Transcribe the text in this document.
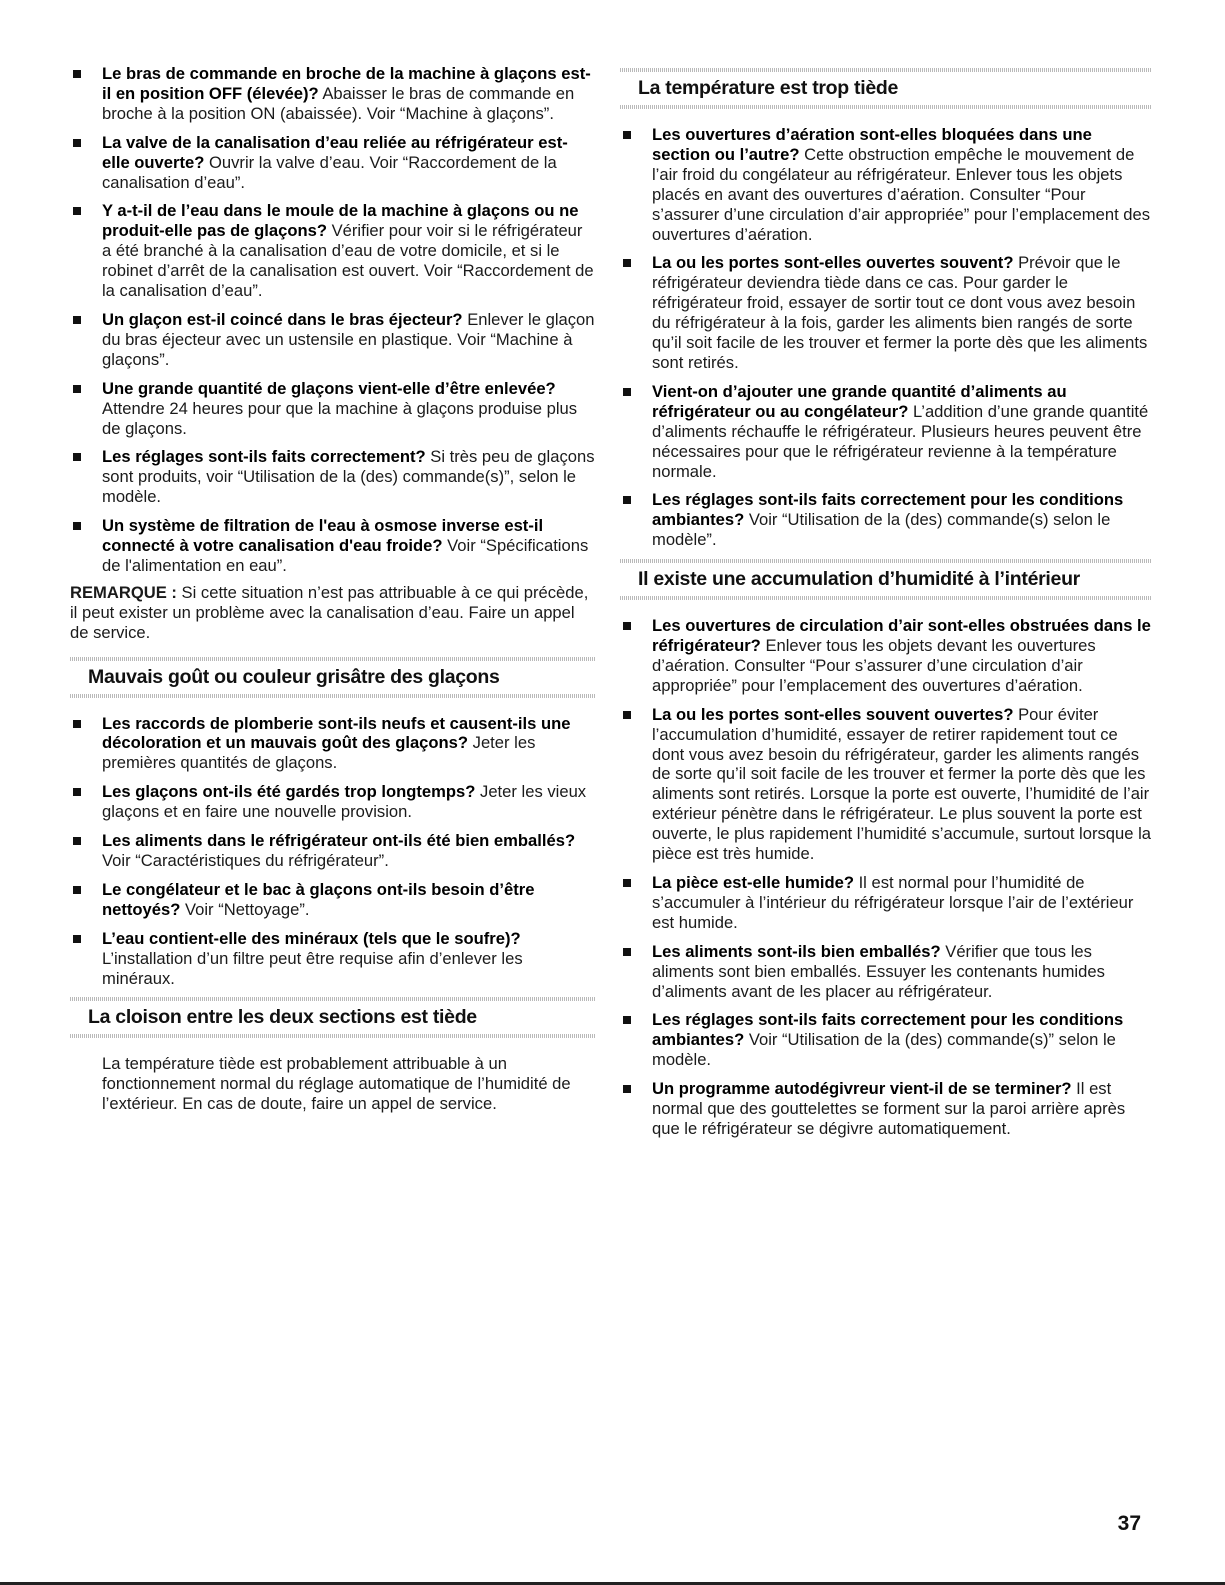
Le bras de commande en broche de la machine à glaçons est-il en position OFF (élevée)? Abaisser le bras de commande en broche à la position ON (abaissée). Voir “Machine à glaçons”.
La valve de la canalisation d’eau reliée au réfrigérateur est-elle ouverte? Ouvrir la valve d’eau. Voir “Raccordement de la canalisation d’eau”.
Y a-t-il de l’eau dans le moule de la machine à glaçons ou ne produit-elle pas de glaçons? Vérifier pour voir si le réfrigérateur a été branché à la canalisation d’eau de votre domicile, et si le robinet d’arrêt de la canalisation est ouvert. Voir “Raccordement de la canalisation d’eau”.
Un glaçon est-il coincé dans le bras éjecteur? Enlever le glaçon du bras éjecteur avec un ustensile en plastique. Voir “Machine à glaçons”.
Une grande quantité de glaçons vient-elle d’être enlevée? Attendre 24 heures pour que la machine à glaçons produise plus de glaçons.
Les réglages sont-ils faits correctement? Si très peu de glaçons sont produits, voir “Utilisation de la (des) commande(s)”, selon le modèle.
Un système de filtration de l'eau à osmose inverse est-il connecté à votre canalisation d'eau froide? Voir “Spécifications de l'alimentation en eau”.

REMARQUE : Si cette situation n’est pas attribuable à ce qui précède, il peut exister un problème avec la canalisation d’eau. Faire un appel de service.

Mauvais goût ou couleur grisâtre des glaçons
Les raccords de plomberie sont-ils neufs et causent-ils une décoloration et un mauvais goût des glaçons? Jeter les premières quantités de glaçons.
Les glaçons ont-ils été gardés trop longtemps? Jeter les vieux glaçons et en faire une nouvelle provision.
Les aliments dans le réfrigérateur ont-ils été bien emballés? Voir “Caractéristiques du réfrigérateur”.
Le congélateur et le bac à glaçons ont-ils besoin d’être nettoyés? Voir “Nettoyage”.
L’eau contient-elle des minéraux (tels que le soufre)? L’installation d’un filtre peut être requise afin d’enlever les minéraux.
La cloison entre les deux sections est tiède

La température tiède est probablement attribuable à un fonctionnement normal du réglage automatique de l’humidité de l’extérieur. En cas de doute, faire un appel de service.

La température est trop tiède
Les ouvertures d’aération sont-elles bloquées dans une section ou l’autre? Cette obstruction empêche le mouvement de l’air froid du congélateur au réfrigérateur. Enlever tous les objets placés en avant des ouvertures d’aération. Consulter “Pour s’assurer d’une circulation d’air appropriée” pour l’emplacement des ouvertures d’aération.
La ou les portes sont-elles ouvertes souvent? Prévoir que le réfrigérateur deviendra tiède dans ce cas. Pour garder le réfrigérateur froid, essayer de sortir tout ce dont vous avez besoin du réfrigérateur à la fois, garder les aliments bien rangés de sorte qu’il soit facile de les trouver et fermer la porte dès que les aliments sont retirés.
Vient-on d’ajouter une grande quantité d’aliments au réfrigérateur ou au congélateur? L’addition d’une grande quantité d’aliments réchauffe le réfrigérateur. Plusieurs heures peuvent être nécessaires pour que le réfrigérateur revienne à la température normale.
Les réglages sont-ils faits correctement pour les conditions ambiantes? Voir “Utilisation de la (des) commande(s) selon le modèle”.
Il existe une accumulation d’humidité à l’intérieur
Les ouvertures de circulation d’air sont-elles obstruées dans le réfrigérateur? Enlever tous les objets devant les ouvertures d’aération. Consulter “Pour s’assurer d’une circulation d’air appropriée” pour l’emplacement des ouvertures d’aération.
La ou les portes sont-elles souvent ouvertes? Pour éviter l’accumulation d’humidité, essayer de retirer rapidement tout ce dont vous avez besoin du réfrigérateur, garder les aliments rangés de sorte qu’il soit facile de les trouver et fermer la porte dès que les aliments sont retirés. Lorsque la porte est ouverte, l’humidité de l’air extérieur pénètre dans le réfrigérateur. Le plus souvent la porte est ouverte, le plus rapidement l’humidité s’accumule, surtout lorsque la pièce est très humide.
La pièce est-elle humide? Il est normal pour l’humidité de s’accumuler à l’intérieur du réfrigérateur lorsque l’air de l’extérieur est humide.
Les aliments sont-ils bien emballés? Vérifier que tous les aliments sont bien emballés. Essuyer les contenants humides d’aliments avant de les placer au réfrigérateur.
Les réglages sont-ils faits correctement pour les conditions ambiantes? Voir “Utilisation de la (des) commande(s)” selon le modèle.
Un programme autodégivreur vient-il de se terminer? Il est normal que des gouttelettes se forment sur la paroi arrière après que le réfrigérateur se dégivre automatiquement.
37
